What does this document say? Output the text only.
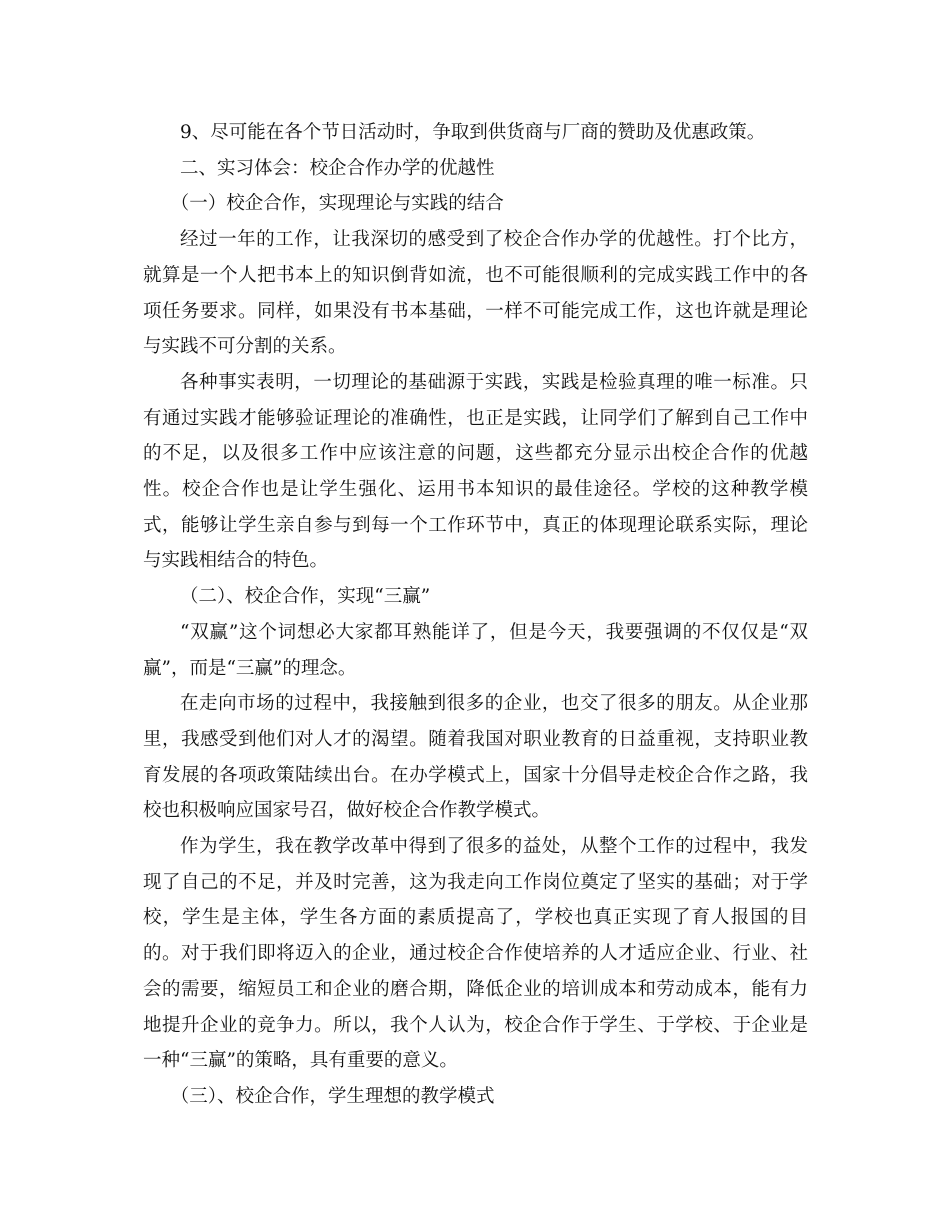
9、尽可能在各个节日活动时，争取到供货商与厂商的赞助及优惠政策。

二、实习体会：校企合作办学的优越性

（一）校企合作，实现理论与实践的结合

经过一年的工作，让我深切的感受到了校企合作办学的优越性。打个比方，就算是一个人把书本上的知识倒背如流，也不可能很顺利的完成实践工作中的各项任务要求。同样，如果没有书本基础，一样不可能完成工作，这也许就是理论与实践不可分割的关系。

各种事实表明，一切理论的基础源于实践，实践是检验真理的唯一标准。只有通过实践才能够验证理论的准确性，也正是实践，让同学们了解到自己工作中的不足，以及很多工作中应该注意的问题，这些都充分显示出校企合作的优越性。校企合作也是让学生强化、运用书本知识的最佳途径。学校的这种教学模式，能够让学生亲自参与到每一个工作环节中，真正的体现理论联系实际，理论与实践相结合的特色。

（二）、校企合作，实现“三赢”

“双赢”这个词想必大家都耳熟能详了，但是今天，我要强调的不仅仅是“双赢”，而是“三赢”的理念。

在走向市场的过程中，我接触到很多的企业，也交了很多的朋友。从企业那里，我感受到他们对人才的渴望。随着我国对职业教育的日益重视，支持职业教育发展的各项政策陆续出台。在办学模式上，国家十分倡导走校企合作之路，我校也积极响应国家号召，做好校企合作教学模式。

作为学生，我在教学改革中得到了很多的益处，从整个工作的过程中，我发现了自己的不足，并及时完善，这为我走向工作岗位奠定了坚实的基础；对于学校，学生是主体，学生各方面的素质提高了，学校也真正实现了育人报国的目的。对于我们即将迈入的企业，通过校企合作使培养的人才适应企业、行业、社会的需要，缩短员工和企业的磨合期，降低企业的培训成本和劳动成本，能有力地提升企业的竞争力。所以，我个人认为，校企合作于学生、于学校、于企业是一种“三赢”的策略，具有重要的意义。

（三）、校企合作，学生理想的教学模式
